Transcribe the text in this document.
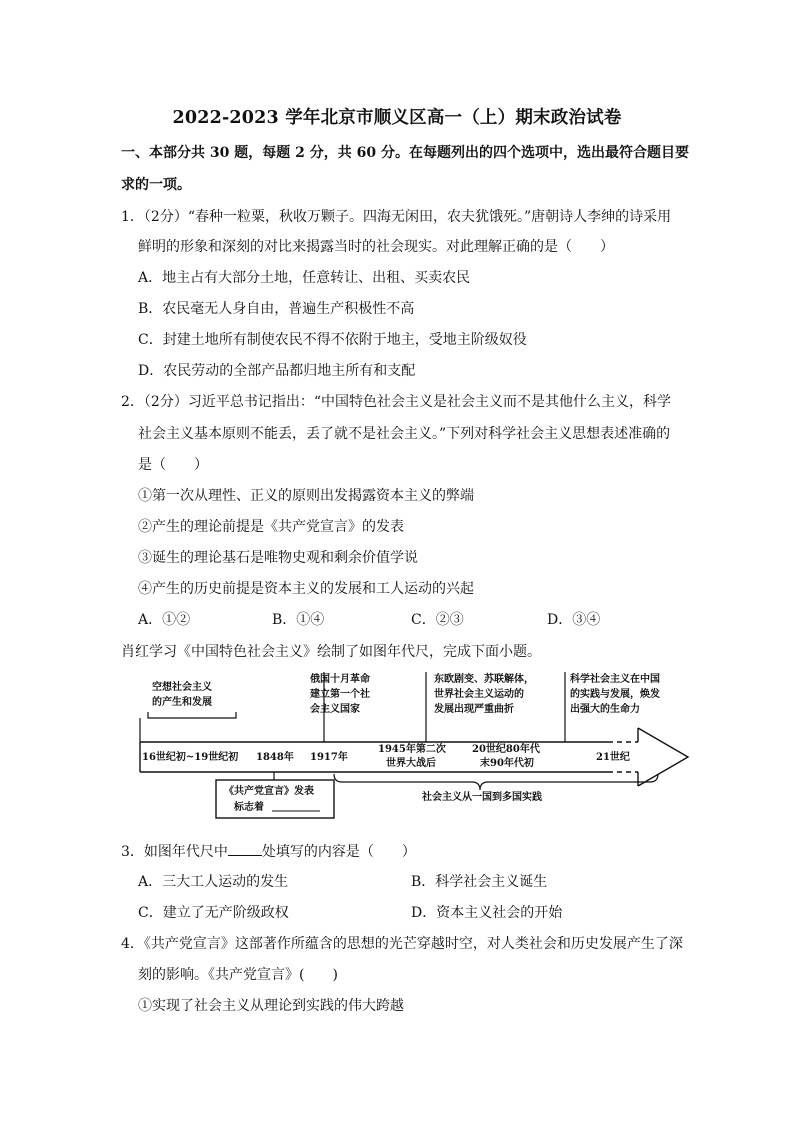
2022-2023 学年北京市顺义区高一（上）期末政治试卷
一、本部分共 30 题，每题 2 分，共 60 分。在每题列出的四个选项中，选出最符合题目要
求的一项。
1．（2分）“春种一粒粟，秋收万颗子。四海无闲田，农夫犹饿死。”唐朝诗人李绅的诗采用
鲜明的形象和深刻的对比来揭露当时的社会现实。对此理解正确的是（　　）
A．地主占有大部分土地，任意转让、出租、买卖农民
B．农民毫无人身自由，普遍生产积极性不高
C．封建土地所有制使农民不得不依附于地主，受地主阶级奴役
D．农民劳动的全部产品都归地主所有和支配
2．（2分）习近平总书记指出：“中国特色社会主义是社会主义而不是其他什么主义，科学
社会主义基本原则不能丢，丢了就不是社会主义。”下列对科学社会主义思想表述准确的
是（　　）
①第一次从理性、正义的原则出发揭露资本主义的弊端
②产生的理论前提是《共产党宣言》的发表
③诞生的理论基石是唯物史观和剩余价值学说
④产生的历史前提是资本主义的发展和工人运动的兴起
A．①②	B．①④	C．②③	D．③④
肖红学习《中国特色社会主义》绘制了如图年代尺，完成下面小题。
空想社会主义
的产生和发展
俄国十月革命
建立第一个社
会主义国家
东欧剧变、苏联解体，
世界社会主义运动的
发展出现严重曲折
科学社会主义在中国
的实践与发展，焕发
出强大的生命力
16世纪初~19世纪初 1848年 1917年
1945年第二次
世界大战后
20世纪80年代
末90年代初
21世纪
《共产党宣言》发表
标志着
社会主义从一国到多国实践
3．如图年代尺中 处填写的内容是（　　）
A．三大工人运动的发生	B．科学社会主义诞生
C．建立了无产阶级政权	D．资本主义社会的开始
4．《共产党宣言》这部著作所蕴含的思想的光芒穿越时空，对人类社会和历史发展产生了深
刻的影响。《共产党宣言》(　　)
①实现了社会主义从理论到实践的伟大跨越
